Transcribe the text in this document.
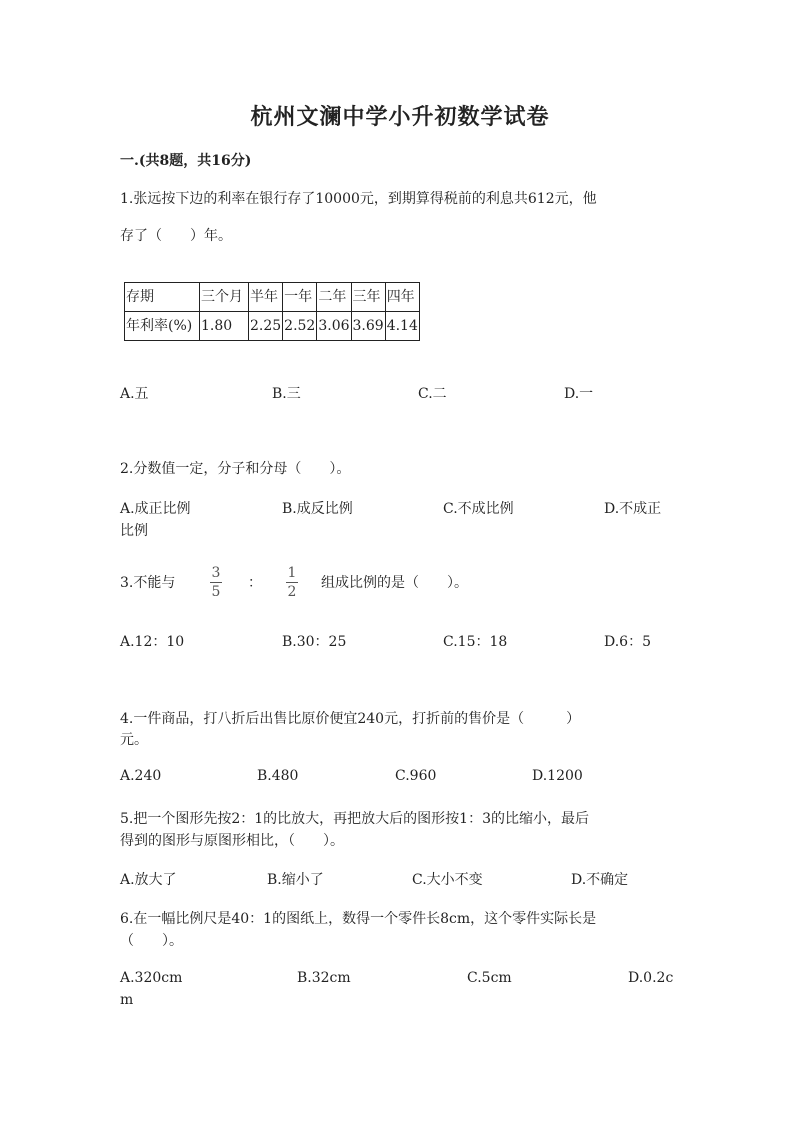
杭州文澜中学小升初数学试卷
一.(共8题，共16分)
1.张远按下边的利率在银行存了10000元，到期算得税前的利息共612元，他
存了（　　）年。
存期	三个月	半年	一年	二年	三年	四年
年利率(%)	1.80	2.25	2.52	3.06	3.69	4.14
A.五	B.三	C.二	D.一
2.分数值一定，分子和分母（　　）。
A.成正比例	B.成反比例	C.不成比例	D.不成正
比例
3.不能与
3
5
：
1
2
组成比例的是（　　）。
A.12：10	B.30：25	C.15：18	D.6：5
4.一件商品，打八折后出售比原价便宜240元，打折前的售价是（　　　）
元。
A.240	B.480	C.960	D.1200
5.把一个图形先按2：1的比放大，再把放大后的图形按1：3的比缩小，最后
得到的图形与原图形相比，（　　）。
A.放大了	B.缩小了	C.大小不变	D.不确定
6.在一幅比例尺是40：1的图纸上，数得一个零件长8cm，这个零件实际长是
（　　）。
A.320cm	B.32cm	C.5cm	D.0.2c
m
